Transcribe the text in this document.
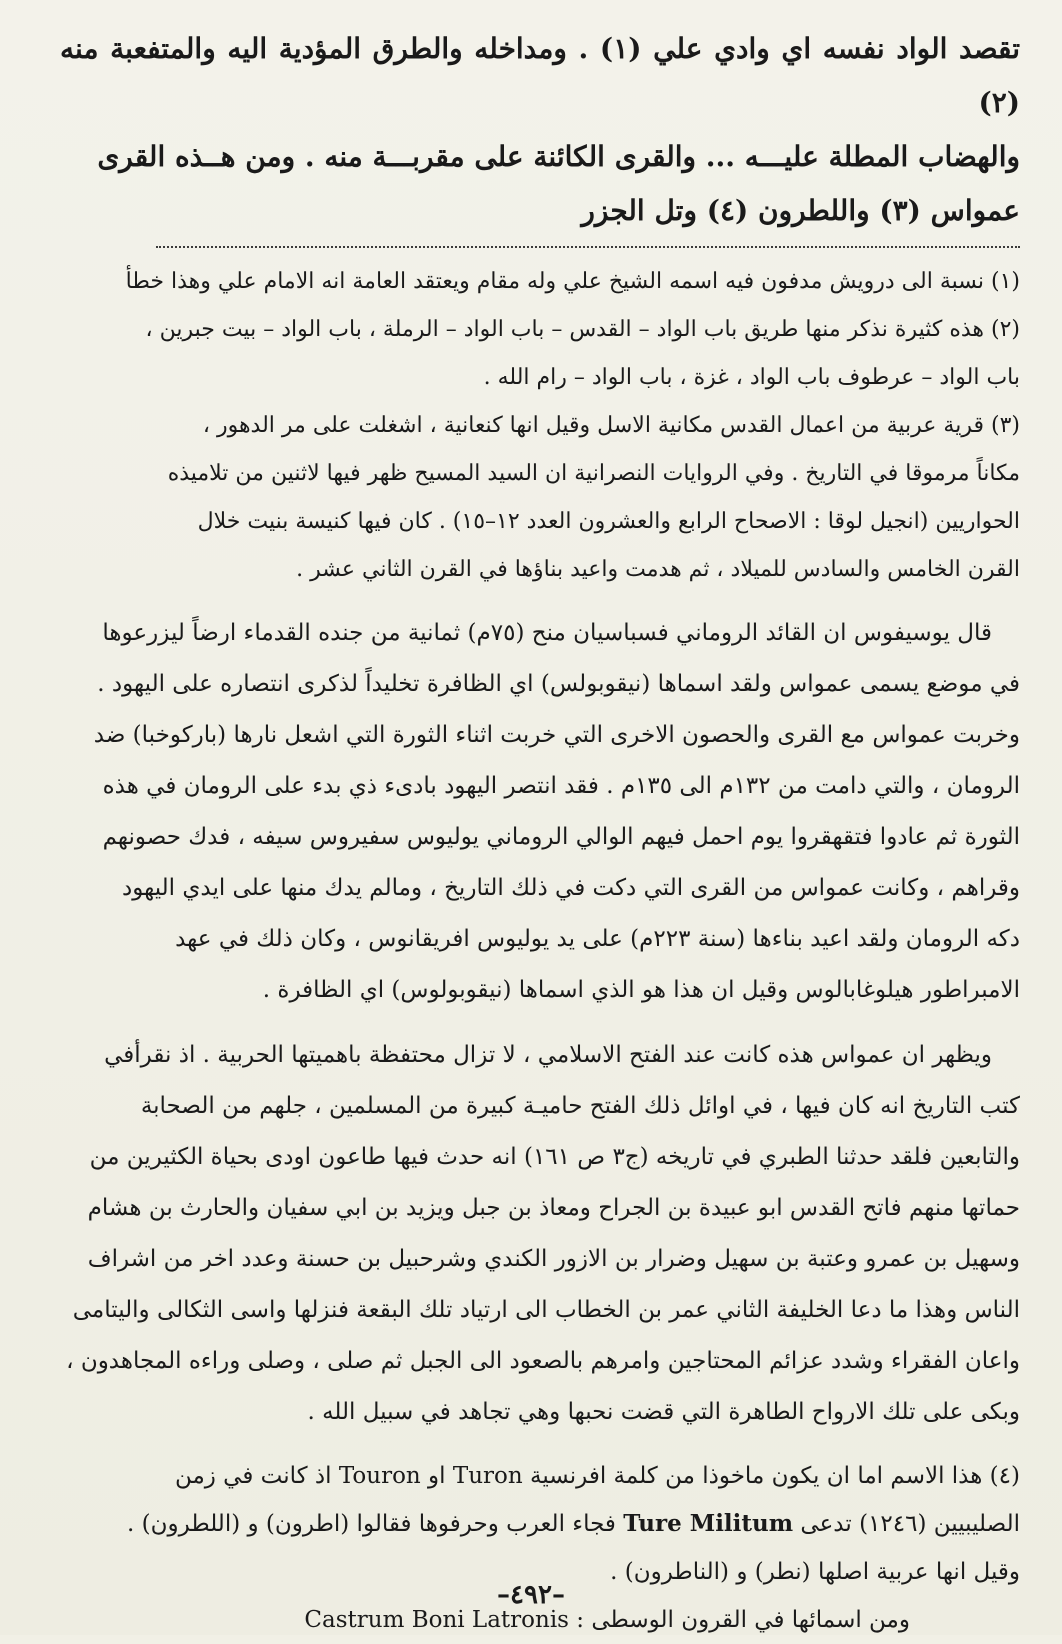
تقصد الواد نفسه اي وادي علي (١) . ومداخله والطرق المؤدية اليه والمتفعبة منه (٢)

والهضاب المطلة عليـــه ... والقرى الكائنة على مقربـــة منه . ومن هــذه القرى

عمواس (٣) واللطرون (٤) وتل الجزر

(١) نسبة الى درويش مدفون فيه اسمه الشيخ علي وله مقام ويعتقد العامة انه الامام علي وهذا خطأ

(٢) هذه كثيرة نذكر منها طريق باب الواد – القدس – باب الواد – الرملة ، باب الواد – بيت جبرين ،

باب الواد – عرطوف باب الواد ، غزة ، باب الواد – رام الله .

(٣) قرية عربية من اعمال القدس مكانية الاسل وقيل انها كنعانية ، اشغلت على مر الدهور ،

مكاناً مرموقا في التاريخ . وفي الروايات النصرانية ان السيد المسيح ظهر فيها لاثنين من تلاميذه

الحواريين (انجيل لوقا : الاصحاح الرابع والعشرون العدد ١٢–١٥) . كان فيها كنيسة بنيت خلال

القرن الخامس والسادس للميلاد ، ثم هدمت واعيد بناؤها في القرن الثاني عشر .

قال يوسيفوس ان القائد الروماني فسباسيان منح (٧٥م) ثمانية من جنده القدماء ارضاً ليزرعوها

في موضع يسمى عمواس ولقد اسماها (نيقوبولس) اي الظافرة تخليداً لذكرى انتصاره على اليهود .

وخربت عمواس مع القرى والحصون الاخرى التي خربت اثناء الثورة التي اشعل نارها (باركوخبا) ضد

الرومان ، والتي دامت من ١٣٢م الى ١٣٥م . فقد انتصر اليهود بادىء ذي بدء على الرومان في هذه

الثورة ثم عادوا فتقهقروا يوم احمل فيهم الوالي الروماني يوليوس سفيروس سيفه ، فدك حصونهم

وقراهم ، وكانت عمواس من القرى التي دكت في ذلك التاريخ ، ومالم يدك منها على ايدي اليهود

دكه الرومان ولقد اعيد بناءها (سنة ٢٢٣م) على يد يوليوس افريقانوس ، وكان ذلك في عهد

الامبراطور هيلوغابالوس وقيل ان هذا هو الذي اسماها (نيقوبولوس) اي الظافرة .

ويظهر ان عمواس هذه كانت عند الفتح الاسلامي ، لا تزال محتفظة باهميتها الحربية . اذ نقرأفي

كتب التاريخ انه كان فيها ، في اوائل ذلك الفتح حاميـة كبيرة من المسلمين ، جلهم من الصحابة

والتابعين فلقد حدثنا الطبري في تاريخه (ج٣ ص ١٦١) انه حدث فيها طاعون اودى بحياة الكثيرين من

حماتها منهم فاتح القدس ابو عبيدة بن الجراح ومعاذ بن جبل ويزيد بن ابي سفيان والحارث بن هشام

وسهيل بن عمرو وعتبة بن سهيل وضرار بن الازور الكندي وشرحبيل بن حسنة وعدد اخر من اشراف

الناس وهذا ما دعا الخليفة الثاني عمر بن الخطاب الى ارتياد تلك البقعة فنزلها واسى الثكالى واليتامى

واعان الفقراء وشدد عزائم المحتاجين وامرهم بالصعود الى الجبل ثم صلى ، وصلى وراءه المجاهدون ،

وبكى على تلك الارواح الطاهرة التي قضت نحبها وهي تجاهد في سبيل الله .

(٤) هذا الاسم اما ان يكون ماخوذا من كلمة افرنسية Turon او Touron اذ كانت في زمن

الصليبيين (١٢٤٦) تدعى Ture Militum فجاء العرب وحرفوها فقالوا (اطرون) و (اللطرون) .

وقيل انها عربية اصلها (نطر) و (الناطرون) .

ومن اسمائها في القرون الوسطى : Castrum Boni Latronis

–٤٩٢–
